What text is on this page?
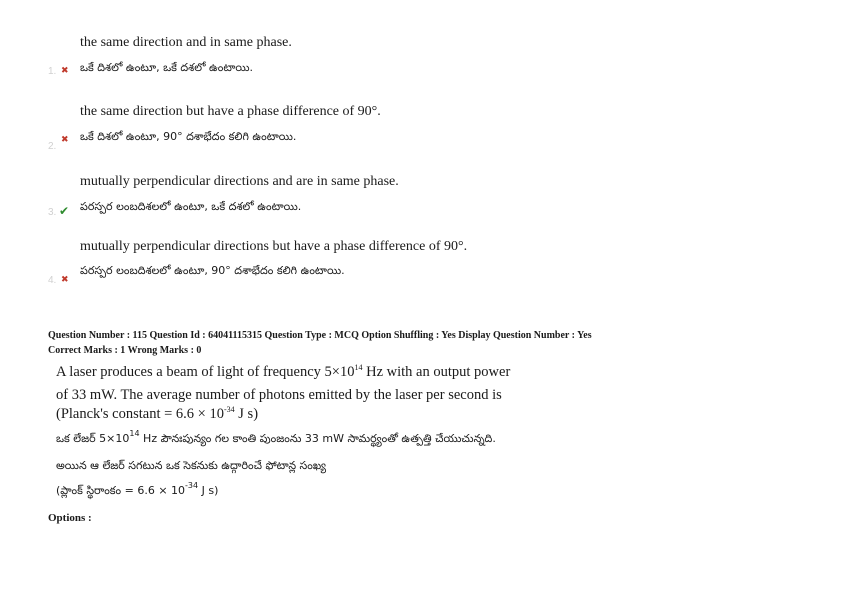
the same direction and in same phase.
1. ✖ ఒకే దిశలో ఉంటూ, ఒకే దశలో ఉంటాయి.
the same direction but have a phase difference of 90°.
ఒకే దిశలో ఉంటూ, 90° దశాభేదం కలిగి ఉంటాయి.
✖
2.
mutually perpendicular directions and are in same phase.
పరస్పర లంబదిశలలో ఉంటూ, ఒకే దశలో ఉంటాయి.
3. ✔
mutually perpendicular directions but have a phase difference of 90°.
పరస్పర లంబదిశలలో ఉంటూ, 90° దశాభేదం కలిగి ఉంటాయి.
4. ✖
Question Number : 115 Question Id : 64041115315 Question Type : MCQ Option Shuffling : Yes Display Question Number : Yes
Correct Marks : 1 Wrong Marks : 0
A laser produces a beam of light of frequency $5\times 10^{14}$ Hz with an output power
of 33 mW. The average number of photons emitted by the laser per second is
(Planck's constant = $6.6 \times 10^{-34}$ J s)
ఒక లేజర్ $5\times 10^{14}$ Hz పౌనఃపున్యం గల కాంతి పుంజంను 33 mW సామర్థ్యంతో ఉత్పత్తి చేయుచున్నది.
అయిన ఆ లేజర్ సగటున ఒక సెకనుకు ఉద్గారించే ఫోటాన్ల సంఖ్య
(ప్లాంక్ స్థిరాంకం = $6.6 \times 10^{-34}$ J s)
Options :
